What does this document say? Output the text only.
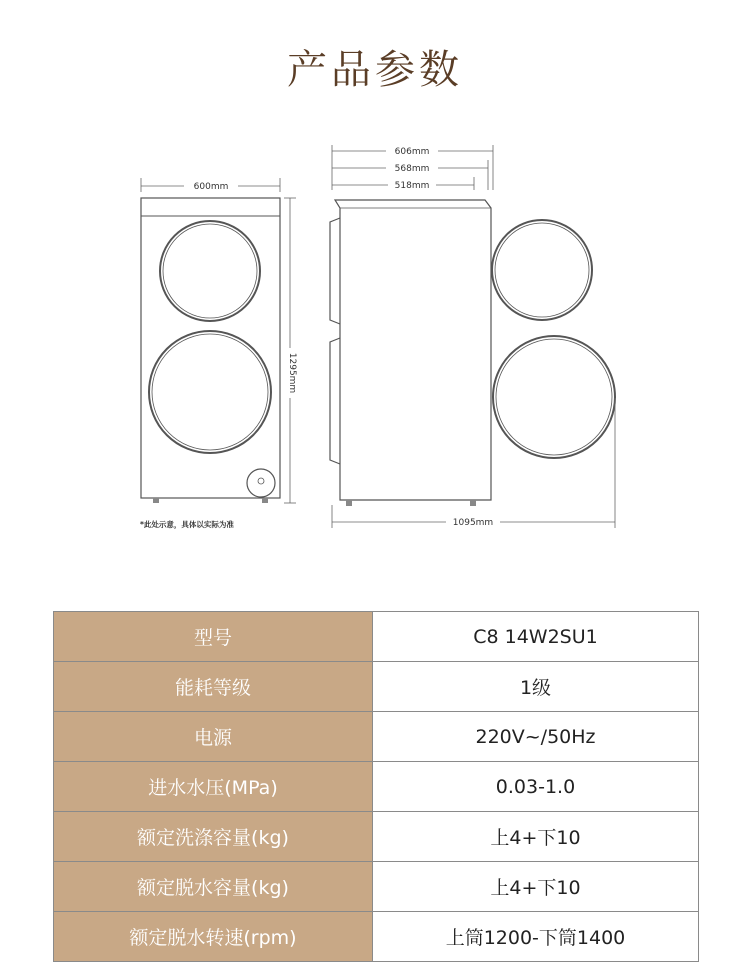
产品参数
600mm
1295mm
*此处示意，具体以实际为准
606mm
568mm
518mm
1095mm
型号	C8 14W2SU1
能耗等级	1级
电源	220V~/50Hz
进水水压(MPa)	0.03-1.0
额定洗涤容量(kg)	上4+下10
额定脱水容量(kg)	上4+下10
额定脱水转速(rpm)	上筒1200-下筒1400
